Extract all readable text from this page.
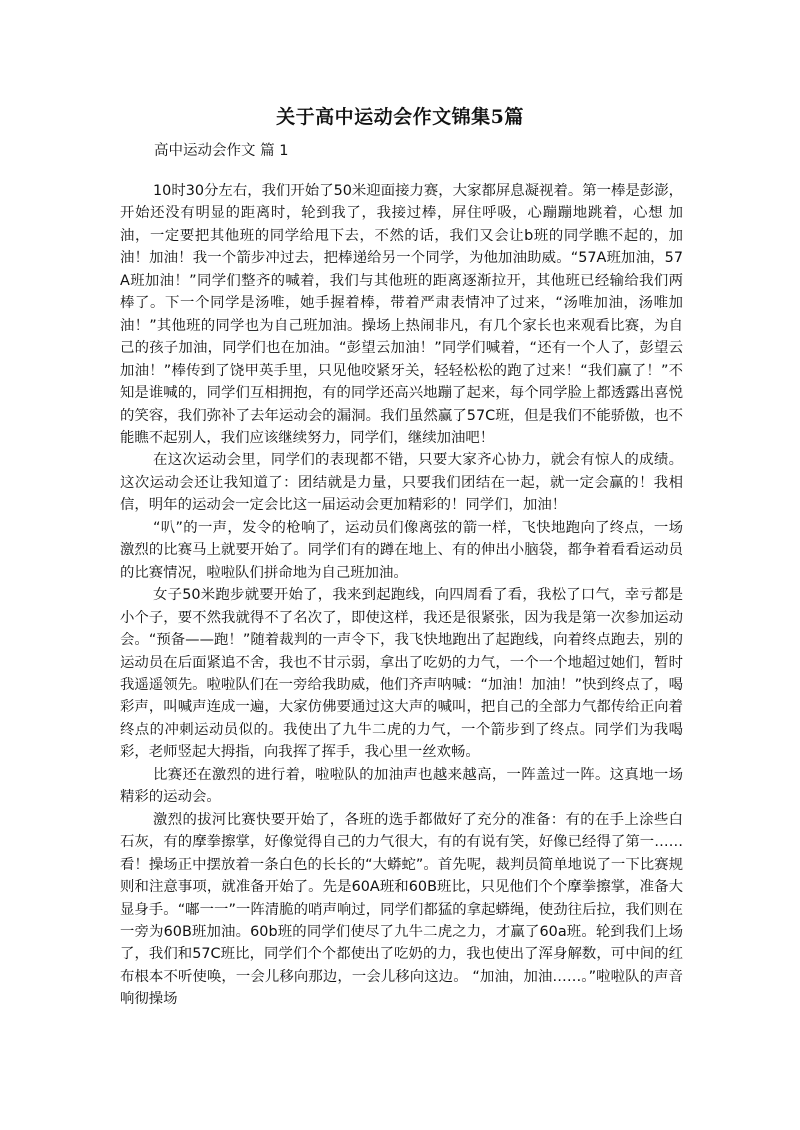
关于高中运动会作文锦集5篇

高中运动会作文 篇 1

10时30分左右，我们开始了50米迎面接力赛，大家都屏息凝视着。第一棒是彭澎，开始还没有明显的距离时，轮到我了，我接过棒，屏住呼吸，心蹦蹦地跳着，心想 加油，一定要把其他班的同学给甩下去，不然的话，我们又会让b班的同学瞧不起的，加油！加油！我一个箭步冲过去，把棒递给另一个同学，为他加油助威。“57A班加油，57A班加油！”同学们整齐的喊着，我们与其他班的距离逐渐拉开，其他班已经输给我们两棒了。下一个同学是汤唯，她手握着棒，带着严肃表情冲了过来，“汤唯加油，汤唯加油！”其他班的同学也为自己班加油。操场上热闹非凡，有几个家长也来观看比赛，为自己的孩子加油，同学们也在加油。“彭望云加油！”同学们喊着，“还有一个人了，彭望云加油！”棒传到了饶甲英手里，只见他咬紧牙关，轻轻松松的跑了过来！“我们赢了！”不知是谁喊的，同学们互相拥抱，有的同学还高兴地蹦了起来，每个同学脸上都透露出喜悦的笑容，我们弥补了去年运动会的漏洞。我们虽然赢了57C班，但是我们不能骄傲，也不能瞧不起别人，我们应该继续努力，同学们，继续加油吧！

在这次运动会里，同学们的表现都不错，只要大家齐心协力，就会有惊人的成绩。这次运动会还让我知道了：团结就是力量，只要我们团结在一起，就一定会赢的！我相信，明年的运动会一定会比这一届运动会更加精彩的！同学们，加油！

“叭”的一声，发令的枪响了，运动员们像离弦的箭一样，飞快地跑向了终点，一场激烈的比赛马上就要开始了。同学们有的蹲在地上、有的伸出小脑袋，都争着看看运动员的比赛情况，啦啦队们拼命地为自己班加油。

女子50米跑步就要开始了，我来到起跑线，向四周看了看，我松了口气，幸亏都是小个子，要不然我就得不了名次了，即使这样，我还是很紧张，因为我是第一次参加运动会。“预备——跑！”随着裁判的一声令下，我飞快地跑出了起跑线，向着终点跑去，别的运动员在后面紧追不舍，我也不甘示弱，拿出了吃奶的力气，一个一个地超过她们，暂时我遥遥领先。啦啦队们在一旁给我助威，他们齐声呐喊：“加油！加油！”快到终点了，喝彩声，叫喊声连成一遍，大家仿佛要通过这大声的喊叫，把自己的全部力气都传给正向着终点的冲刺运动员似的。我使出了九牛二虎的力气，一个箭步到了终点。同学们为我喝彩，老师竖起大拇指，向我挥了挥手，我心里一丝欢畅。

比赛还在激烈的进行着，啦啦队的加油声也越来越高，一阵盖过一阵。这真地一场精彩的运动会。

激烈的拔河比赛快要开始了，各班的选手都做好了充分的准备：有的在手上涂些白石灰，有的摩拳擦掌，好像觉得自己的力气很大，有的有说有笑，好像已经得了第一……看！操场正中摆放着一条白色的长长的“大蟒蛇”。首先呢，裁判员简单地说了一下比赛规则和注意事项，就准备开始了。先是60A班和60B班比，只见他们个个摩拳擦掌，准备大显身手。“嘟一一”一阵清脆的哨声响过，同学们都猛的拿起蟒绳，使劲往后拉，我们则在一旁为60B班加油。60b班的同学们使尽了九牛二虎之力，才赢了60a班。轮到我们上场了，我们和57C班比，同学们个个都使出了吃奶的力，我也使出了浑身解数，可中间的红布根本不听使唤，一会儿移向那边，一会儿移向这边。 “加油，加油……。”啦啦队的声音响彻操场
